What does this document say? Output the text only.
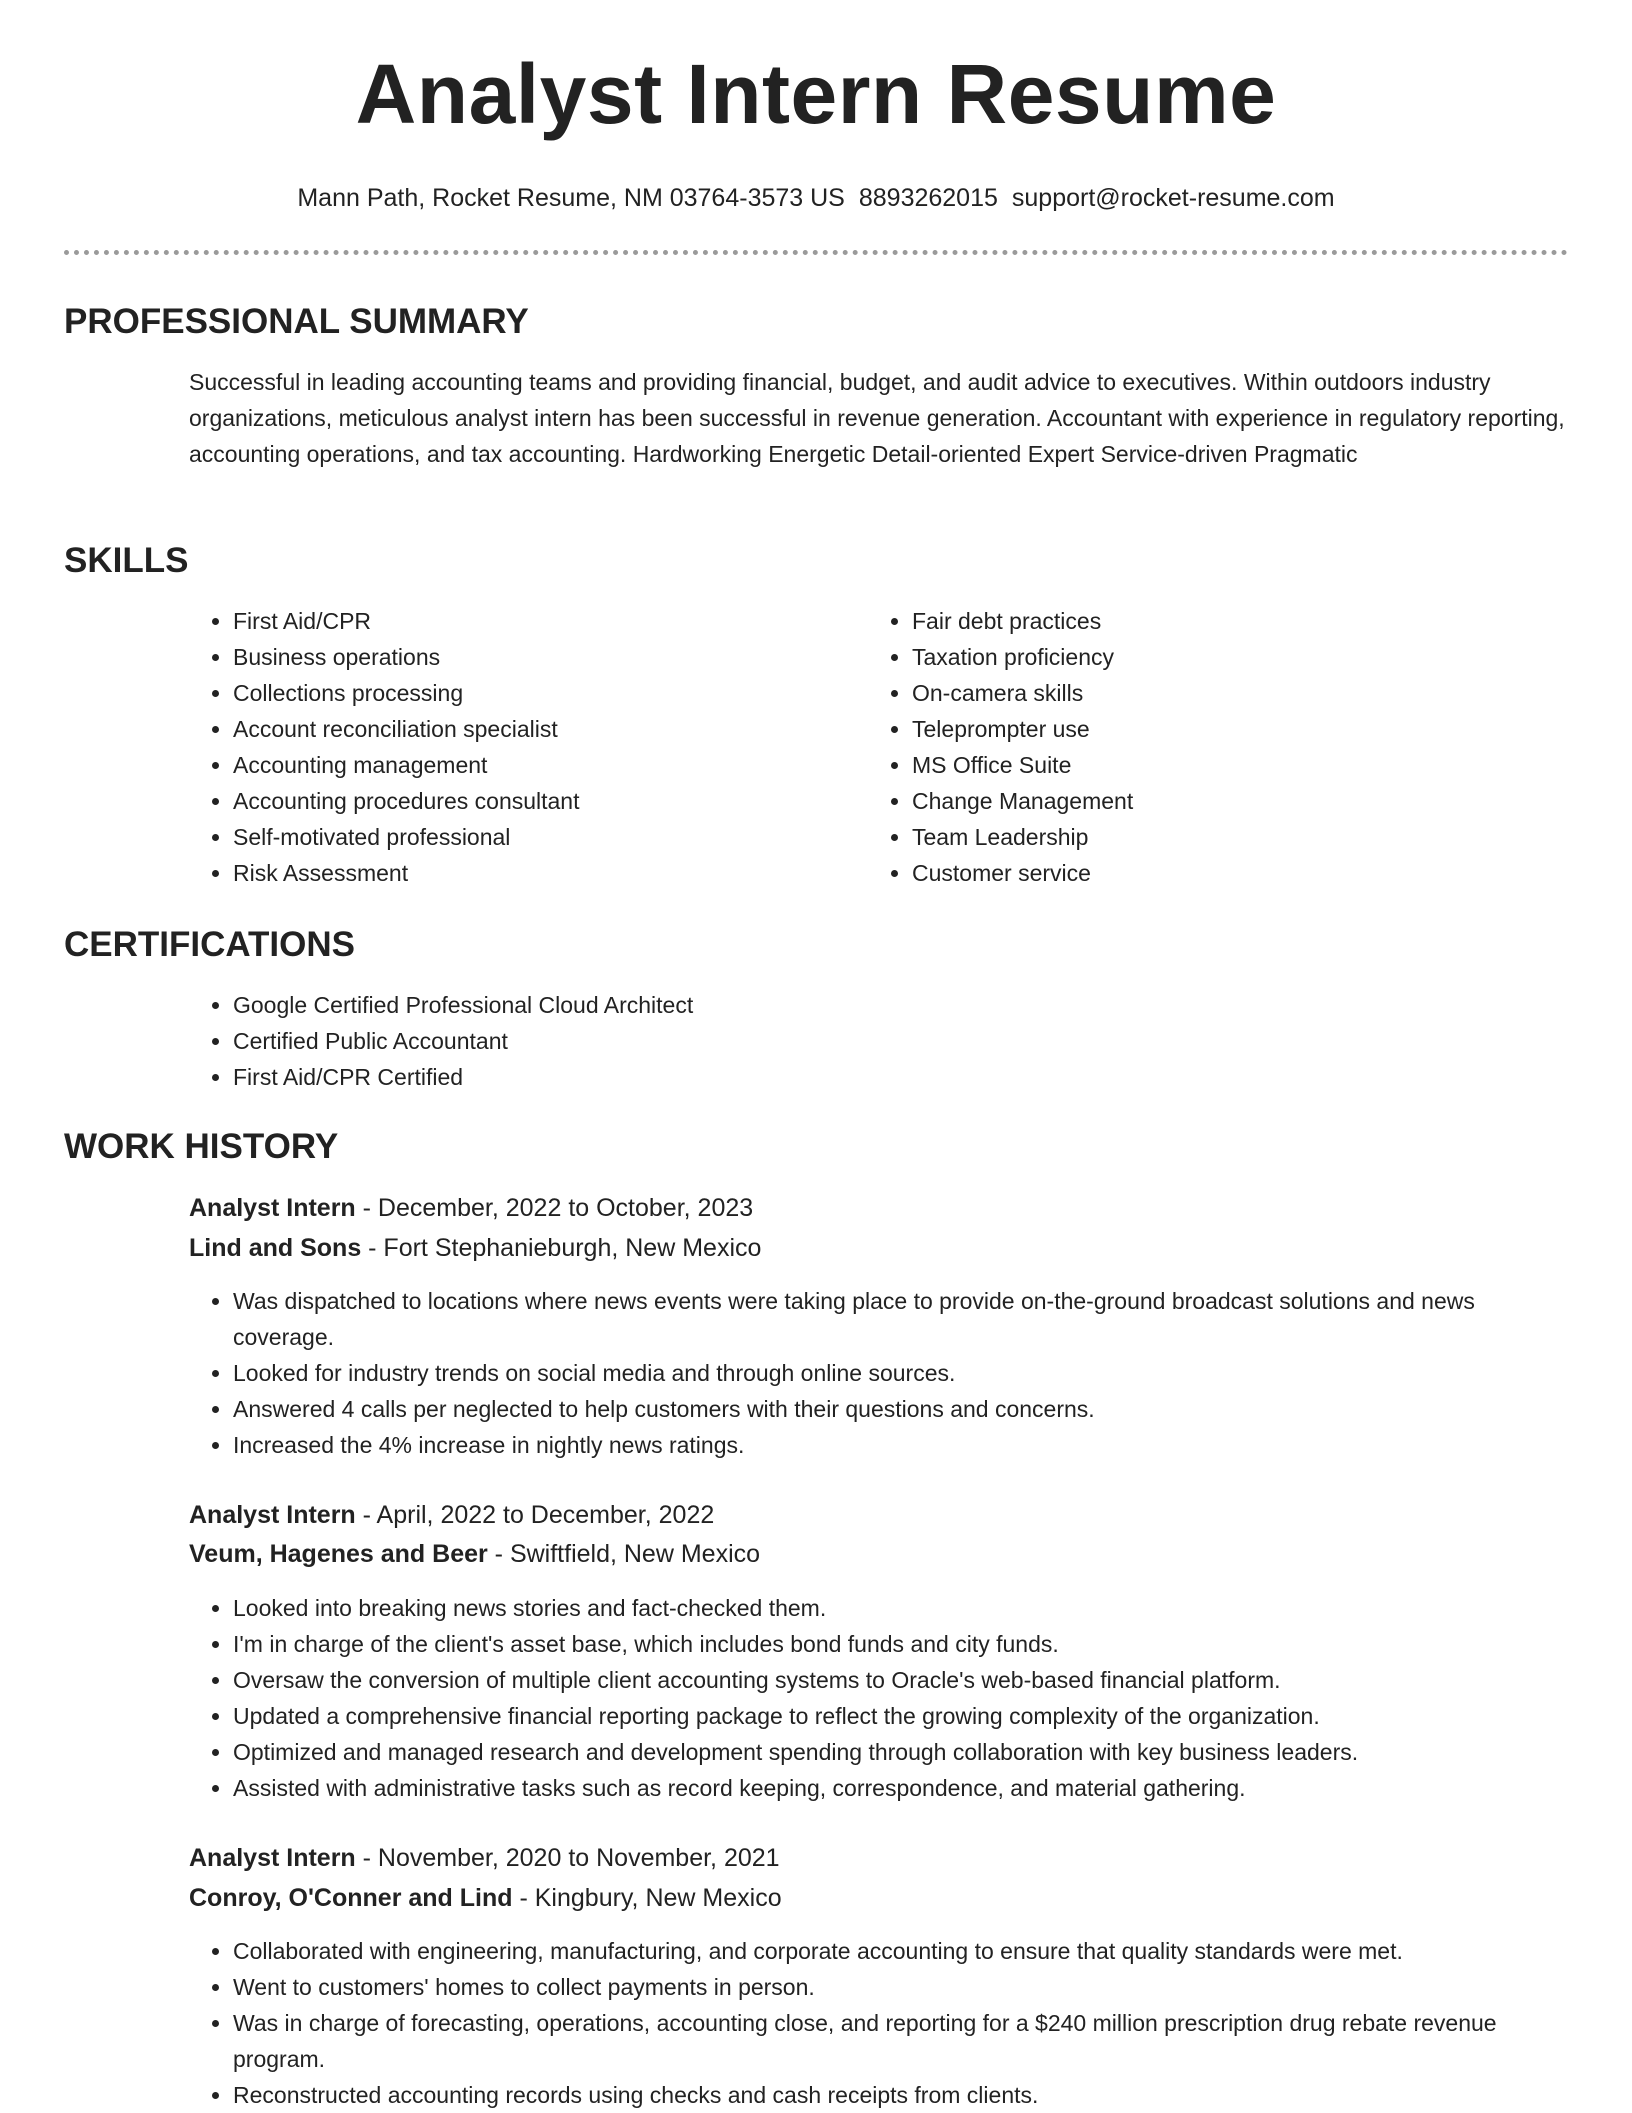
Analyst Intern Resume
Mann Path, Rocket Resume, NM 03764-3573 US 8893262015 support@rocket-resume.com
PROFESSIONAL SUMMARY

Successful in leading accounting teams and providing financial, budget, and audit advice to executives. Within outdoors industry organizations, meticulous analyst intern has been successful in revenue generation. Accountant with experience in regulatory reporting, accounting operations, and tax accounting. Hardworking Energetic Detail-oriented Expert Service-driven Pragmatic

SKILLS
• First Aid/CPR
• Business operations
• Collections processing
• Account reconciliation specialist
• Accounting management
• Accounting procedures consultant
• Self-motivated professional
• Risk Assessment
• Fair debt practices
• Taxation proficiency
• On-camera skills
• Teleprompter use
• MS Office Suite
• Change Management
• Team Leadership
• Customer service
CERTIFICATIONS
• Google Certified Professional Cloud Architect
• Certified Public Accountant
• First Aid/CPR Certified
WORK HISTORY
Analyst Intern - December, 2022 to October, 2023
Lind and Sons - Fort Stephanieburgh, New Mexico
• Was dispatched to locations where news events were taking place to provide on-the-ground broadcast solutions and news coverage.
• Looked for industry trends on social media and through online sources.
• Answered 4 calls per neglected to help customers with their questions and concerns.
• Increased the 4% increase in nightly news ratings.
Analyst Intern - April, 2022 to December, 2022
Veum, Hagenes and Beer - Swiftfield, New Mexico
• Looked into breaking news stories and fact-checked them.
• I'm in charge of the client's asset base, which includes bond funds and city funds.
• Oversaw the conversion of multiple client accounting systems to Oracle's web-based financial platform.
• Updated a comprehensive financial reporting package to reflect the growing complexity of the organization.
• Optimized and managed research and development spending through collaboration with key business leaders.
• Assisted with administrative tasks such as record keeping, correspondence, and material gathering.
Analyst Intern - November, 2020 to November, 2021
Conroy, O'Conner and Lind - Kingbury, New Mexico
• Collaborated with engineering, manufacturing, and corporate accounting to ensure that quality standards were met.
• Went to customers' homes to collect payments in person.
• Was in charge of forecasting, operations, accounting close, and reporting for a $240 million prescription drug rebate revenue program.
• Reconstructed accounting records using checks and cash receipts from clients.
